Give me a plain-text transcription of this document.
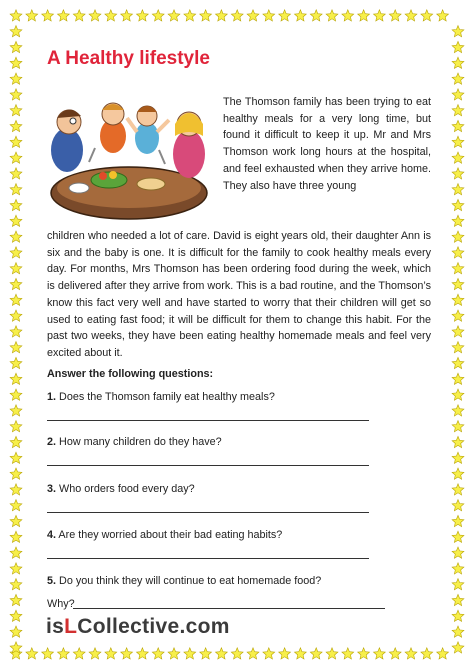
A Healthy lifestyle

The Thomson family has been trying to eat healthy meals for a very long time, but found it difficult to keep it up. Mr and Mrs Thomson work long hours at the hospital, and feel exhausted when they arrive home. They also have three young

children who needed a lot of care. David is eight years old, their daughter Ann is six and the baby is one. It is difficult for the family to cook healthy meals every day. For months, Mrs Thomson has been ordering food during the week, which is delivered after they arrive from work. This is a bad routine, and the Thomson’s know this fact very well and have started to worry that their children will get so used to eating fast food; it will be difficult for them to change this habit. For the past two weeks, they have been eating healthy homemade meals and feel very excited about it.

Answer the following questions:

1. Does the Thomson family eat healthy meals?

2. How many children do they have?

3. Who orders food every day?

4. Are they worried about their bad eating habits?

5. Do you think they will continue to eat homemade food?

Why?
isLCollective.com
